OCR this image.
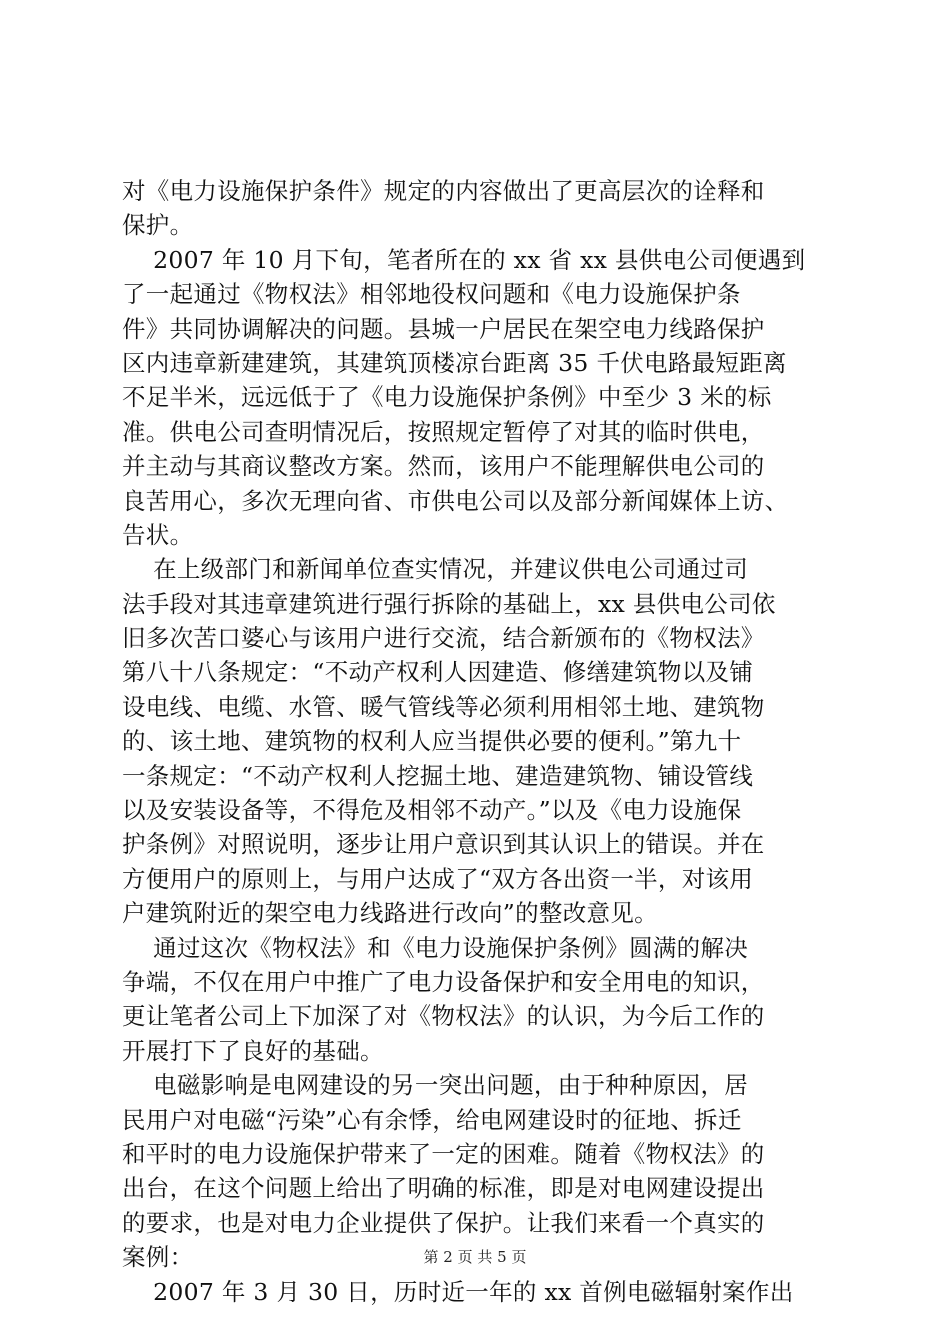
对《电力设施保护条件》规定的内容做出了更高层次的诠释和
保护。
2007 年 10 月下旬，笔者所在的 xx 省 xx 县供电公司便遇到
了一起通过《物权法》相邻地役权问题和《电力设施保护条
件》共同协调解决的问题。县城一户居民在架空电力线路保护
区内违章新建建筑，其建筑顶楼凉台距离 35 千伏电路最短距离
不足半米，远远低于了《电力设施保护条例》中至少 3 米的标
准。供电公司查明情况后，按照规定暂停了对其的临时供电，
并主动与其商议整改方案。然而，该用户不能理解供电公司的
良苦用心，多次无理向省、市供电公司以及部分新闻媒体上访、
告状。
在上级部门和新闻单位查实情况，并建议供电公司通过司
法手段对其违章建筑进行强行拆除的基础上，xx 县供电公司依
旧多次苦口婆心与该用户进行交流，结合新颁布的《物权法》
第八十八条规定：“不动产权利人因建造、修缮建筑物以及铺
设电线、电缆、水管、暖气管线等必须利用相邻土地、建筑物
的、该土地、建筑物的权利人应当提供必要的便利。”第九十
一条规定：“不动产权利人挖掘土地、建造建筑物、铺设管线
以及安装设备等，不得危及相邻不动产。”以及《电力设施保
护条例》对照说明，逐步让用户意识到其认识上的错误。并在
方便用户的原则上，与用户达成了“双方各出资一半，对该用
户建筑附近的架空电力线路进行改向”的整改意见。
通过这次《物权法》和《电力设施保护条例》圆满的解决
争端，不仅在用户中推广了电力设备保护和安全用电的知识，
更让笔者公司上下加深了对《物权法》的认识，为今后工作的
开展打下了良好的基础。
电磁影响是电网建设的另一突出问题，由于种种原因，居
民用户对电磁“污染”心有余悸，给电网建设时的征地、拆迁
和平时的电力设施保护带来了一定的困难。随着《物权法》的
出台，在这个问题上给出了明确的标准，即是对电网建设提出
的要求，也是对电力企业提供了保护。让我们来看一个真实的
案例：
2007 年 3 月 30 日，历时近一年的 xx 首例电磁辐射案作出
第 2 页 共 5 页
